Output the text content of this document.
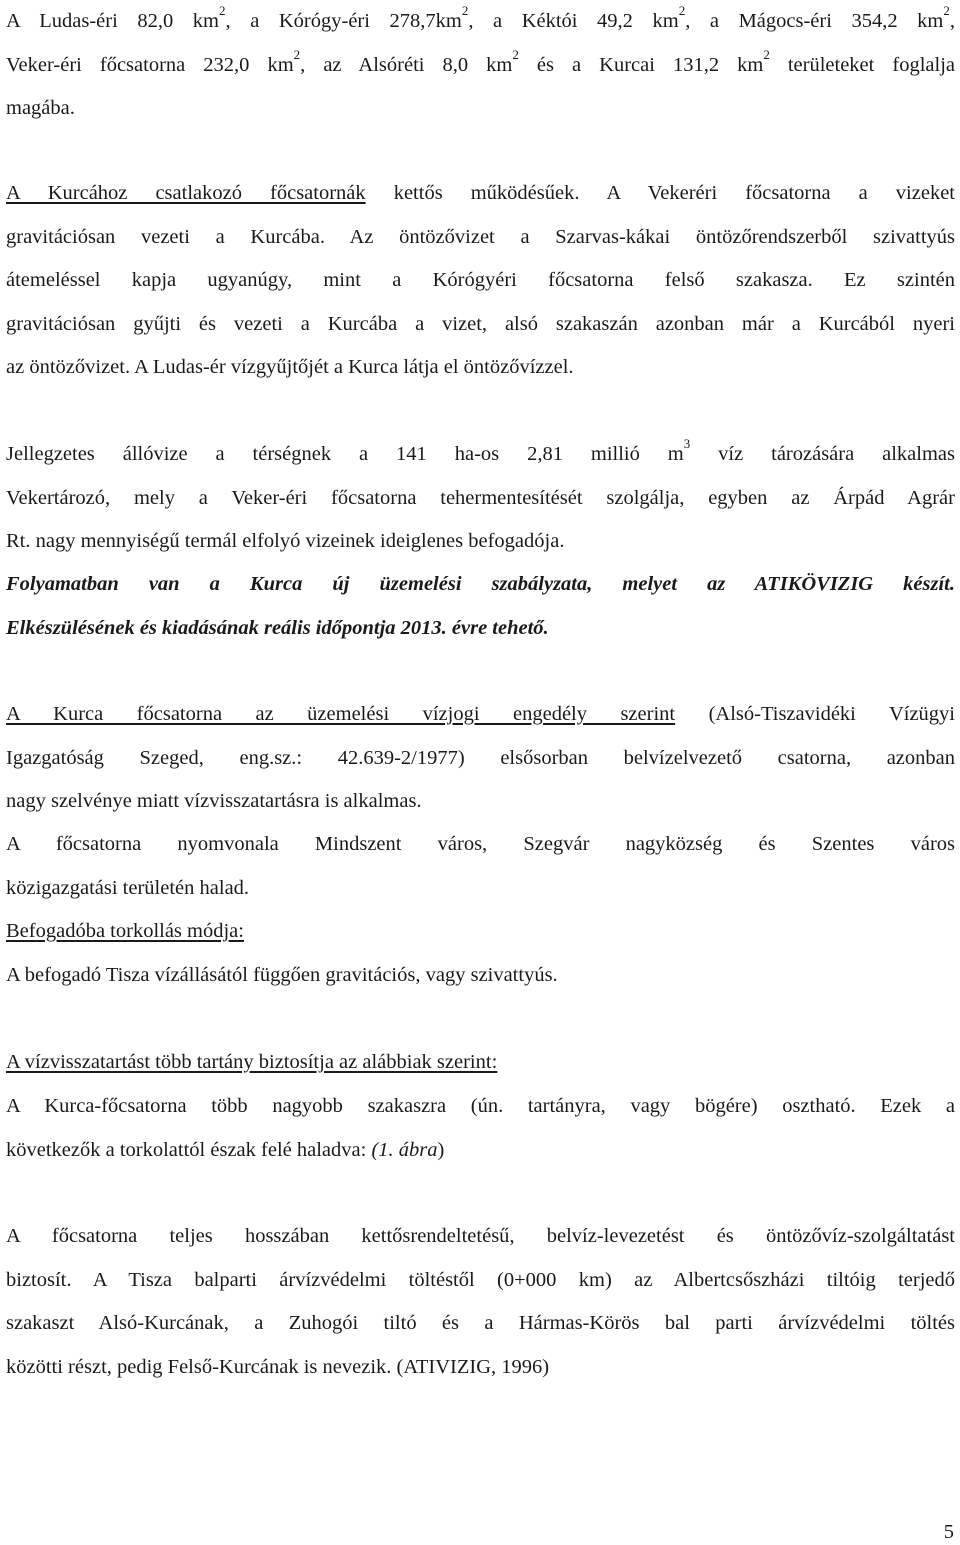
A Ludas-éri 82,0 $km^2$, a Kórógy-éri $278,7km^2$, a Kéktói 49,2 $km^2$, a Mágocs-éri 354,2 $km^2$,
Veker-éri főcsatorna 232,0 $km^2$, az Alsóréti 8,0 $km^2$ és a Kurcai 131,2 $km^2$ területeket foglalja
magába.
A Kurcához csatlakozó főcsatornák kettős működésűek. A Vekeréri főcsatorna a vizeket
gravitációsan vezeti a Kurcába. Az öntözővizet a Szarvas-kákai öntözőrendszerből szivattyús
átemeléssel kapja ugyanúgy, mint a Kórógyéri főcsatorna felső szakasza. Ez szintén
gravitációsan gyűjti és vezeti a Kurcába a vizet, alsó szakaszán azonban már a Kurcából nyeri
az öntözővizet. A Ludas-ér vízgyűjtőjét a Kurca látja el öntözővízzel.
Jellegzetes állóvize a térségnek a 141 ha-os 2,81 millió $m^3$ víz tározására alkalmas
Vekertározó, mely a Veker-éri főcsatorna tehermentesítését szolgálja, egyben az Árpád Agrár
Rt. nagy mennyiségű termál elfolyó vizeinek ideiglenes befogadója.
Folyamatban van a Kurca új üzemelési szabályzata, melyet az ATIKÖVIZIG készít.
Elkészülésének és kiadásának reális időpontja 2013. évre tehető.
A Kurca főcsatorna az üzemelési vízjogi engedély szerint (Alsó-Tiszavidéki Vízügyi
Igazgatóság Szeged, eng.sz.: 42.639-2/1977) elsősorban belvízelvezető csatorna, azonban
nagy szelvénye miatt vízvisszatartásra is alkalmas.
A főcsatorna nyomvonala Mindszent város, Szegvár nagyközség és Szentes város
közigazgatási területén halad.
Befogadóba torkollás módja:
A befogadó Tisza vízállásától függően gravitációs, vagy szivattyús.
A vízvisszatartást több tartány biztosítja az alábbiak szerint:
A Kurca-főcsatorna több nagyobb szakaszra (ún. tartányra, vagy bögére) osztható. Ezek a
következők a torkolattól észak felé haladva: (1. ábra)
A főcsatorna teljes hosszában kettősrendeltetésű, belvíz-levezetést és öntözővíz-szolgáltatást
biztosít. A Tisza balparti árvízvédelmi töltéstől (0+000 km) az Albertcsőszházi tiltóig terjedő
szakaszt Alsó-Kurcának, a Zuhogói tiltó és a Hármas-Körös bal parti árvízvédelmi töltés
közötti részt, pedig Felső-Kurcának is nevezik. (ATIVIZIG, 1996)
5
